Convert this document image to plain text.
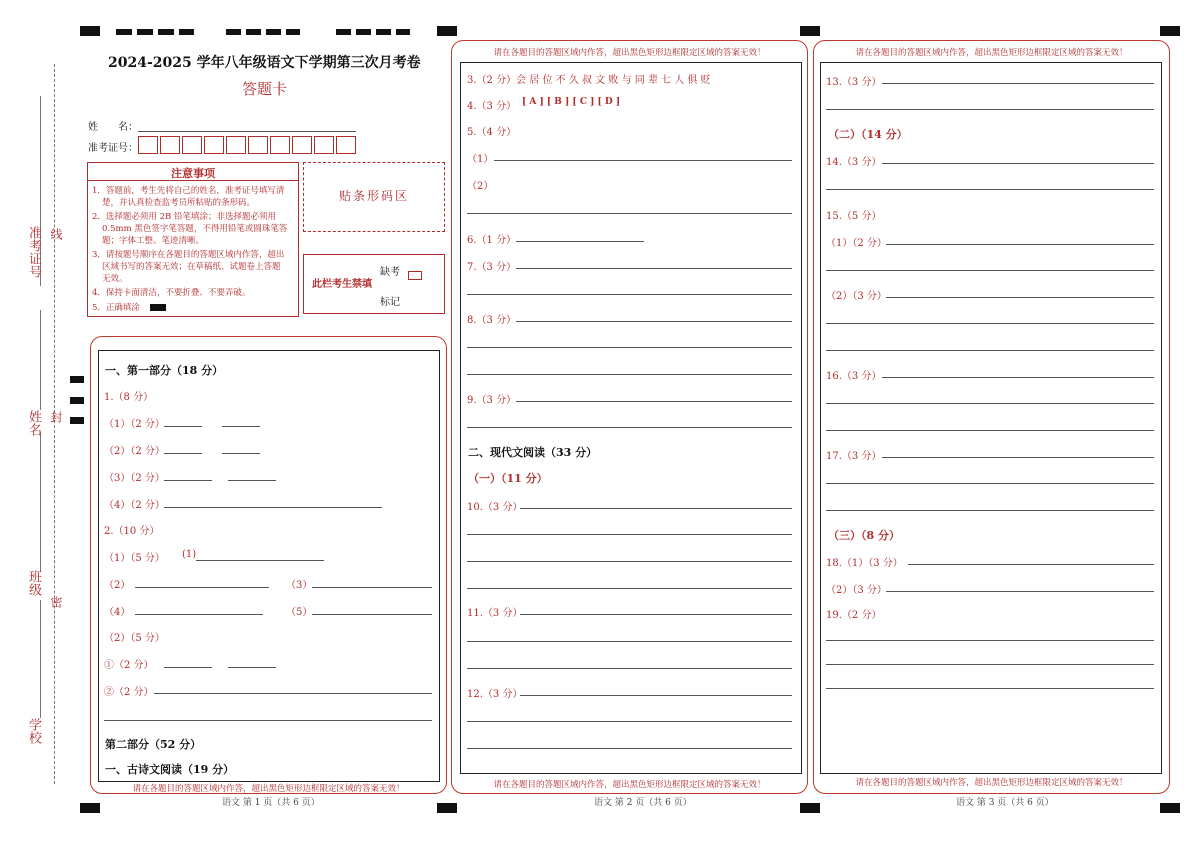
准考证号 线
姓名 封
班级
密
学校
2024-2025 学年八年级语文下学期第三次月考卷
答题卡
姓　　名：
准考证号：
注意事项
1．答题前，考生先将自己的姓名，准考证号填写清
楚，并认真检查监考员所粘贴的条形码。
2．选择题必须用 2B 铅笔填涂；非选择题必须用
0.5mm 黑色签字笔答题，不得用铅笔或圆珠笔答
题；字体工整、笔迹清晰。
3．请按题号顺序在各题目的答题区域内作答，超出
区域书写的答案无效；在草稿纸、试题卷上答题
无效。
4．保持卡面清洁，不要折叠、不要弄破。
5．正确填涂
贴条形码区
此栏考生禁填
缺考
标记
请在各题目的答题区域内作答，超出黑色矩形边框限定区域的答案无效！
语文 第 1 页（共 6 页）
一、第一部分（18 分）
1.（8 分）
（1）（2 分）
（2）（2 分）
（3）（2 分）
（4）（2 分）
2.（10 分）
（1）（5 分） (1)
（2）	（3）
（4）	（5）
（2）（5 分）
①（2 分）
②（2 分）
第二部分（52 分）
一、古诗文阅读（19 分）
请在各题目的答题区域内作答，超出黑色矩形边框限定区域的答案无效！
请在各题目的答题区域内作答，超出黑色矩形边框限定区域的答案无效！
语文 第 2 页（共 6 页）
3.（2 分）会 居 位 不 久 叔 文 败 与 同 辈 七 人 俱 贬
4.（3 分） [ A ] [ B ] [ C ] [ D ]
5.（4 分）
（1）
（2）
6.（1 分）
7.（3 分）
8.（3 分）
9.（3 分）
二、现代文阅读（33 分）
（一）（11 分）
10.（3 分）
11.（3 分）
12.（3 分）
请在各题目的答题区域内作答，超出黑色矩形边框限定区域的答案无效！
请在各题目的答题区域内作答，超出黑色矩形边框限定区域的答案无效！
语文 第 3 页（共 6 页）
13.（3 分）
（二）（14 分）
14.（3 分）
15.（5 分）
（1）（2 分）
（2）（3 分）
16.（3 分）
17.（3 分）
（三）（8 分）
18.（1）（3 分）
（2）（3 分）
19.（2 分）
